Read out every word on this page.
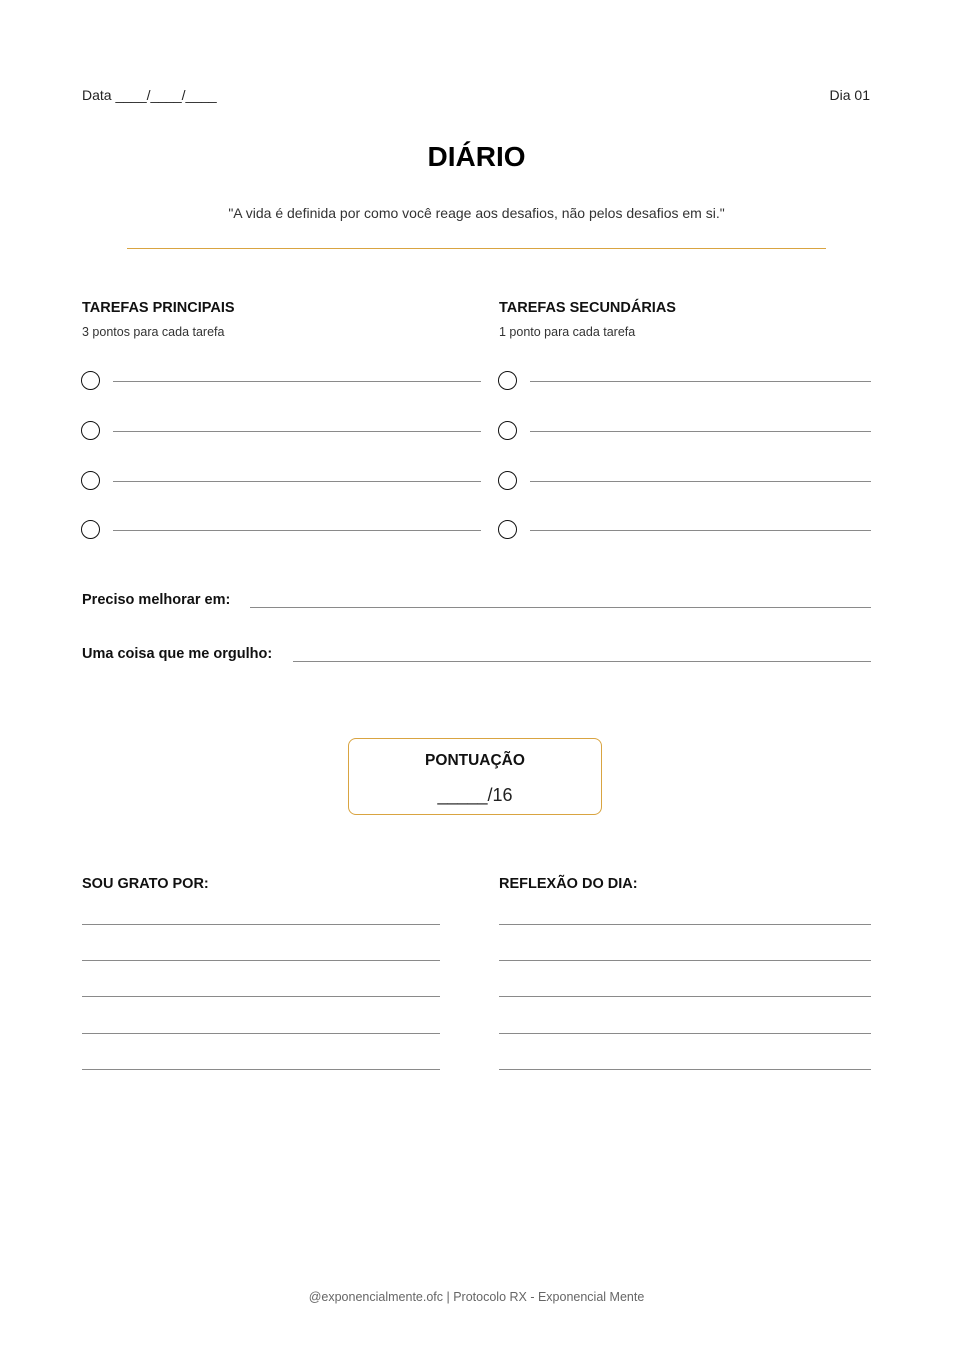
Data ____/____/____	Dia 01
DIÁRIO
"A vida é definida por como você reage aos desafios, não pelos desafios em si."
TAREFAS PRINCIPAIS
3 pontos para cada tarefa
TAREFAS SECUNDÁRIAS
1 ponto para cada tarefa
Preciso melhorar em:
Uma coisa que me orgulho:
PONTUAÇÃO
_____/16
SOU GRATO POR:	REFLEXÃO DO DIA:
@exponencialmente.ofc | Protocolo RX - Exponencial Mente
